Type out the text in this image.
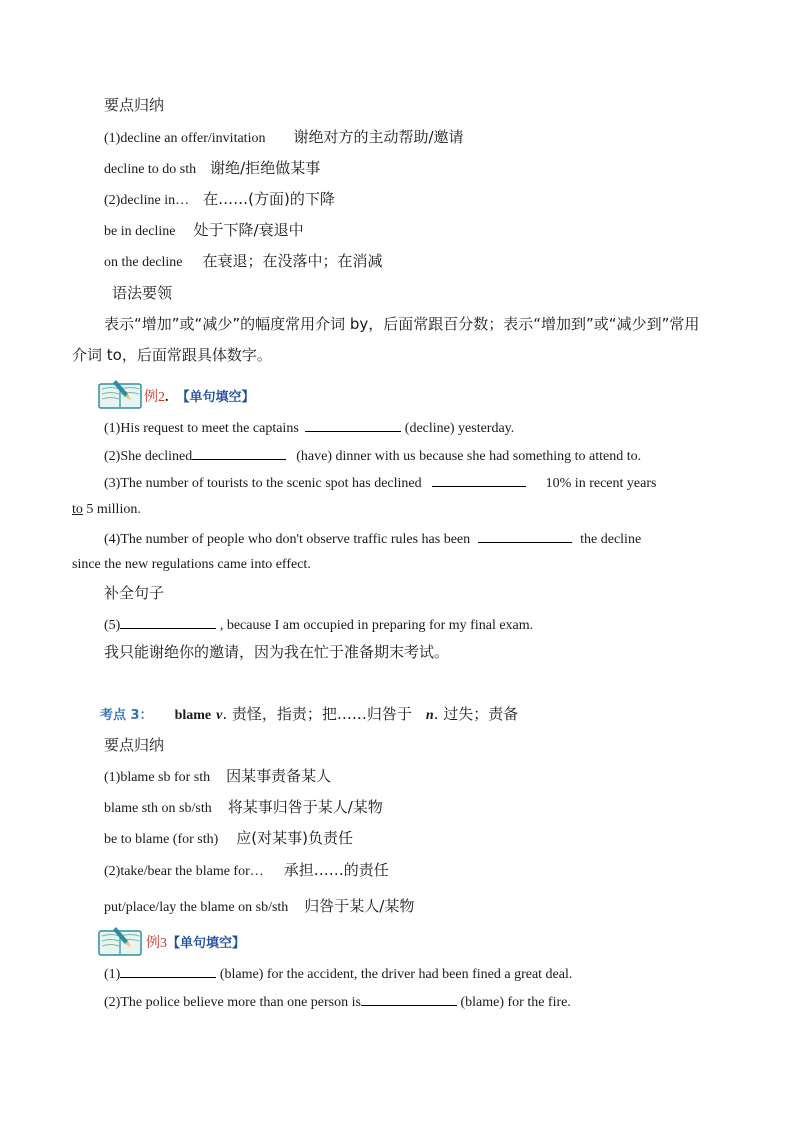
要点归纳
(1)decline an offer/invitation 谢绝对方的主动帮助/邀请
decline to do sth 谢绝/拒绝做某事
(2)decline in… 在……(方面)的下降
be in decline 处于下降/衰退中
on the decline 在衰退；在没落中；在消减
语法要领
表示“增加”或“减少”的幅度常用介词 by，后面常跟百分数；表示“增加到”或“减少到”常用
介词 to，后面常跟具体数字。
例2. 【单句填空】
(1)His request to meet the captains	(decline) yesterday.
(2)She declined	(have) dinner with us because she had something to attend to.
(3)The number of tourists to the scenic spot has declined	10% in recent years
to 5 million.
(4)The number of people who don't observe traffic rules has been	the decline
since the new regulations came into effect.
补全句子
(5)	, because I am occupied in preparing for my final exam.
我只能谢绝你的邀请，因为我在忙于准备期末考试。
考点 3： blame v. 责怪，指责；把……归咎于 n. 过失；责备
要点归纳
(1)blame sb for sth 因某事责备某人
blame sth on sb/sth 将某事归咎于某人/某物
be to blame (for sth) 应(对某事)负责任
(2)take/bear the blame for… 承担……的责任
put/place/lay the blame on sb/sth 归咎于某人/某物
例3【单句填空】
(1)	(blame) for the accident, the driver had been fined a great deal.
(2)The police believe more than one person is	(blame) for the fire.
